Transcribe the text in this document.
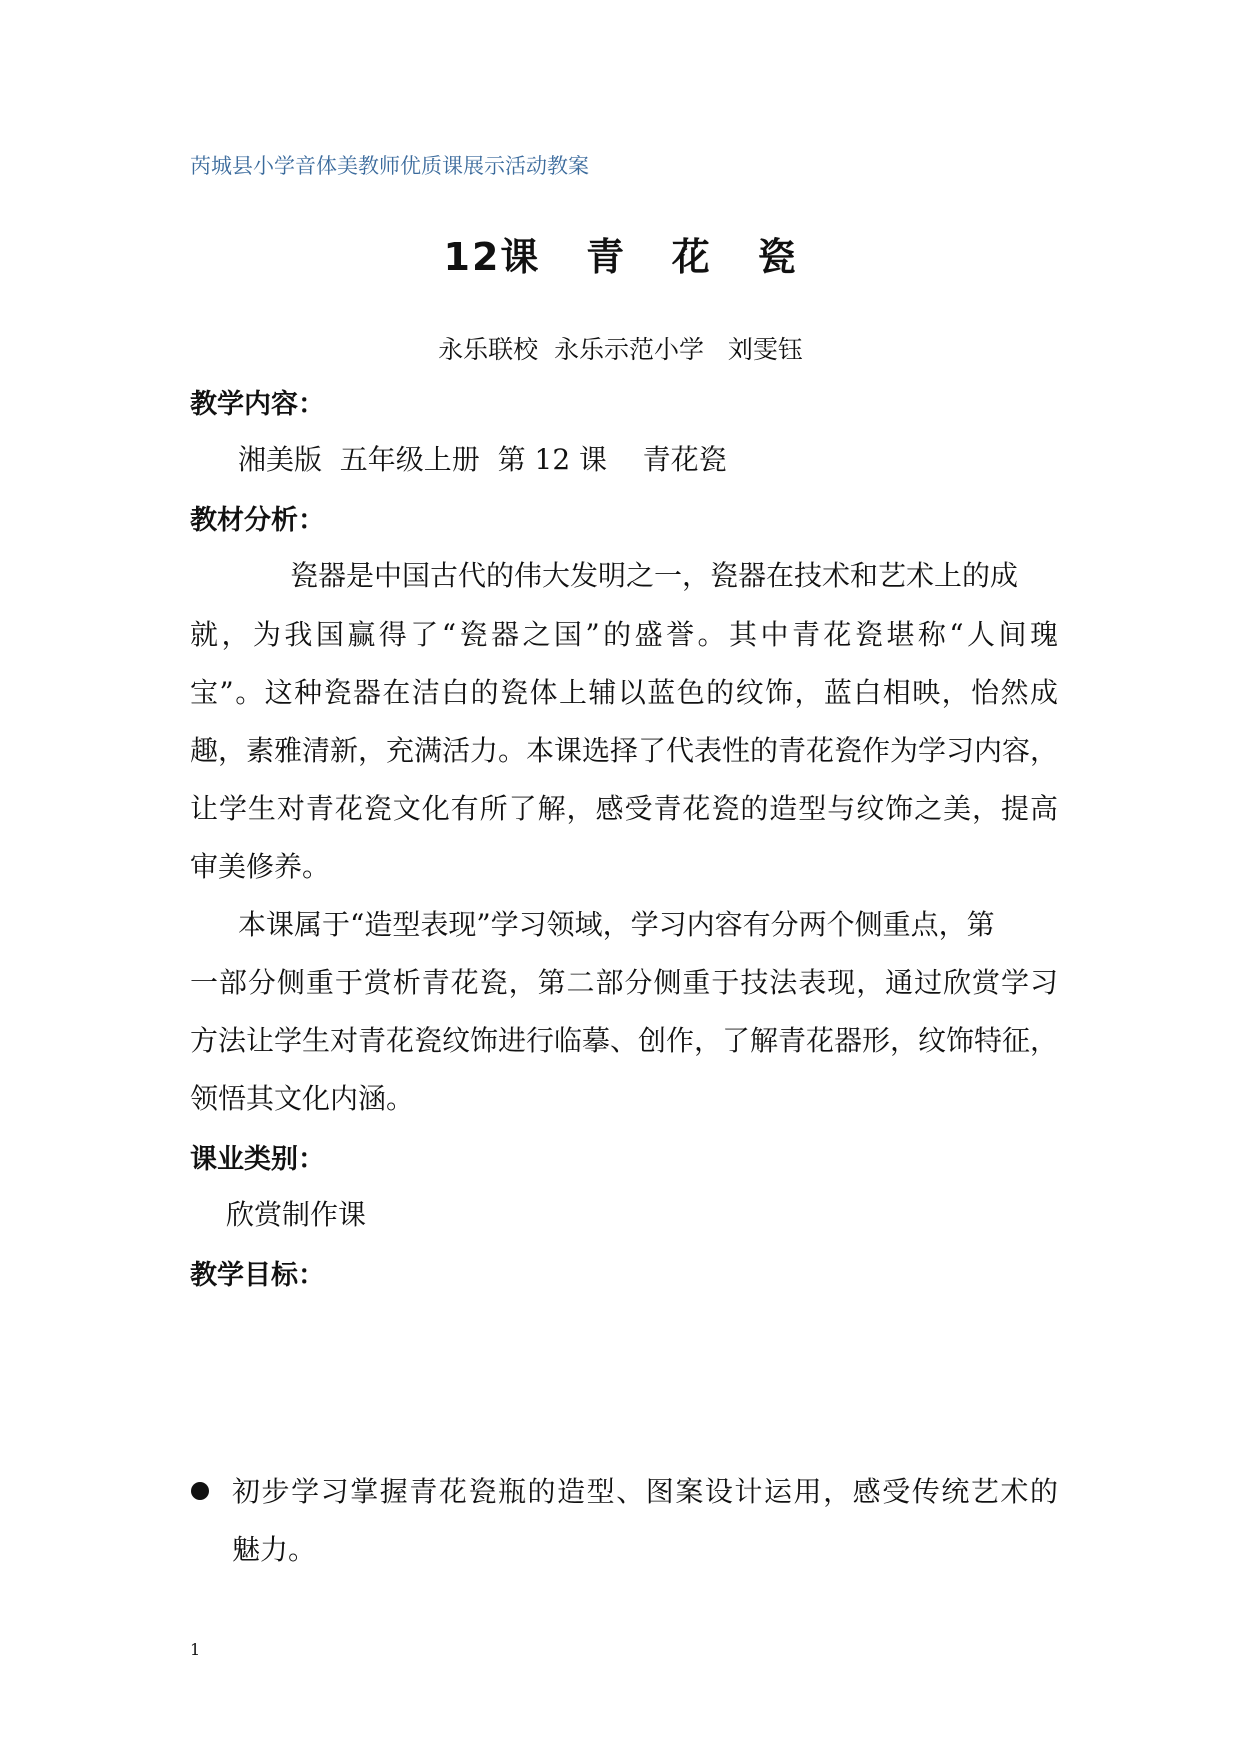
芮城县小学音体美教师优质课展示活动教案
12课   青   花   瓷
永乐联校  永乐示范小学   刘雯钰
教学内容：
湘美版  五年级上册  第 12 课    青花瓷
教材分析：
瓷器是中国古代的伟大发明之一，瓷器在技术和艺术上的成
就，为我国赢得了“瓷器之国”的盛誉。其中青花瓷堪称“人间瑰
宝”。这种瓷器在洁白的瓷体上辅以蓝色的纹饰，蓝白相映，怡然成
趣，素雅清新，充满活力。本课选择了代表性的青花瓷作为学习内容，
让学生对青花瓷文化有所了解，感受青花瓷的造型与纹饰之美，提高
审美修养。
本课属于“造型表现”学习领域，学习内容有分两个侧重点，第
一部分侧重于赏析青花瓷，第二部分侧重于技法表现，通过欣赏学习
方法让学生对青花瓷纹饰进行临摹、创作，了解青花器形，纹饰特征，
领悟其文化内涵。
课业类别：
欣赏制作课
教学目标：
初步学习掌握青花瓷瓶的造型、图案设计运用，感受传统艺术的
魅力。
1
